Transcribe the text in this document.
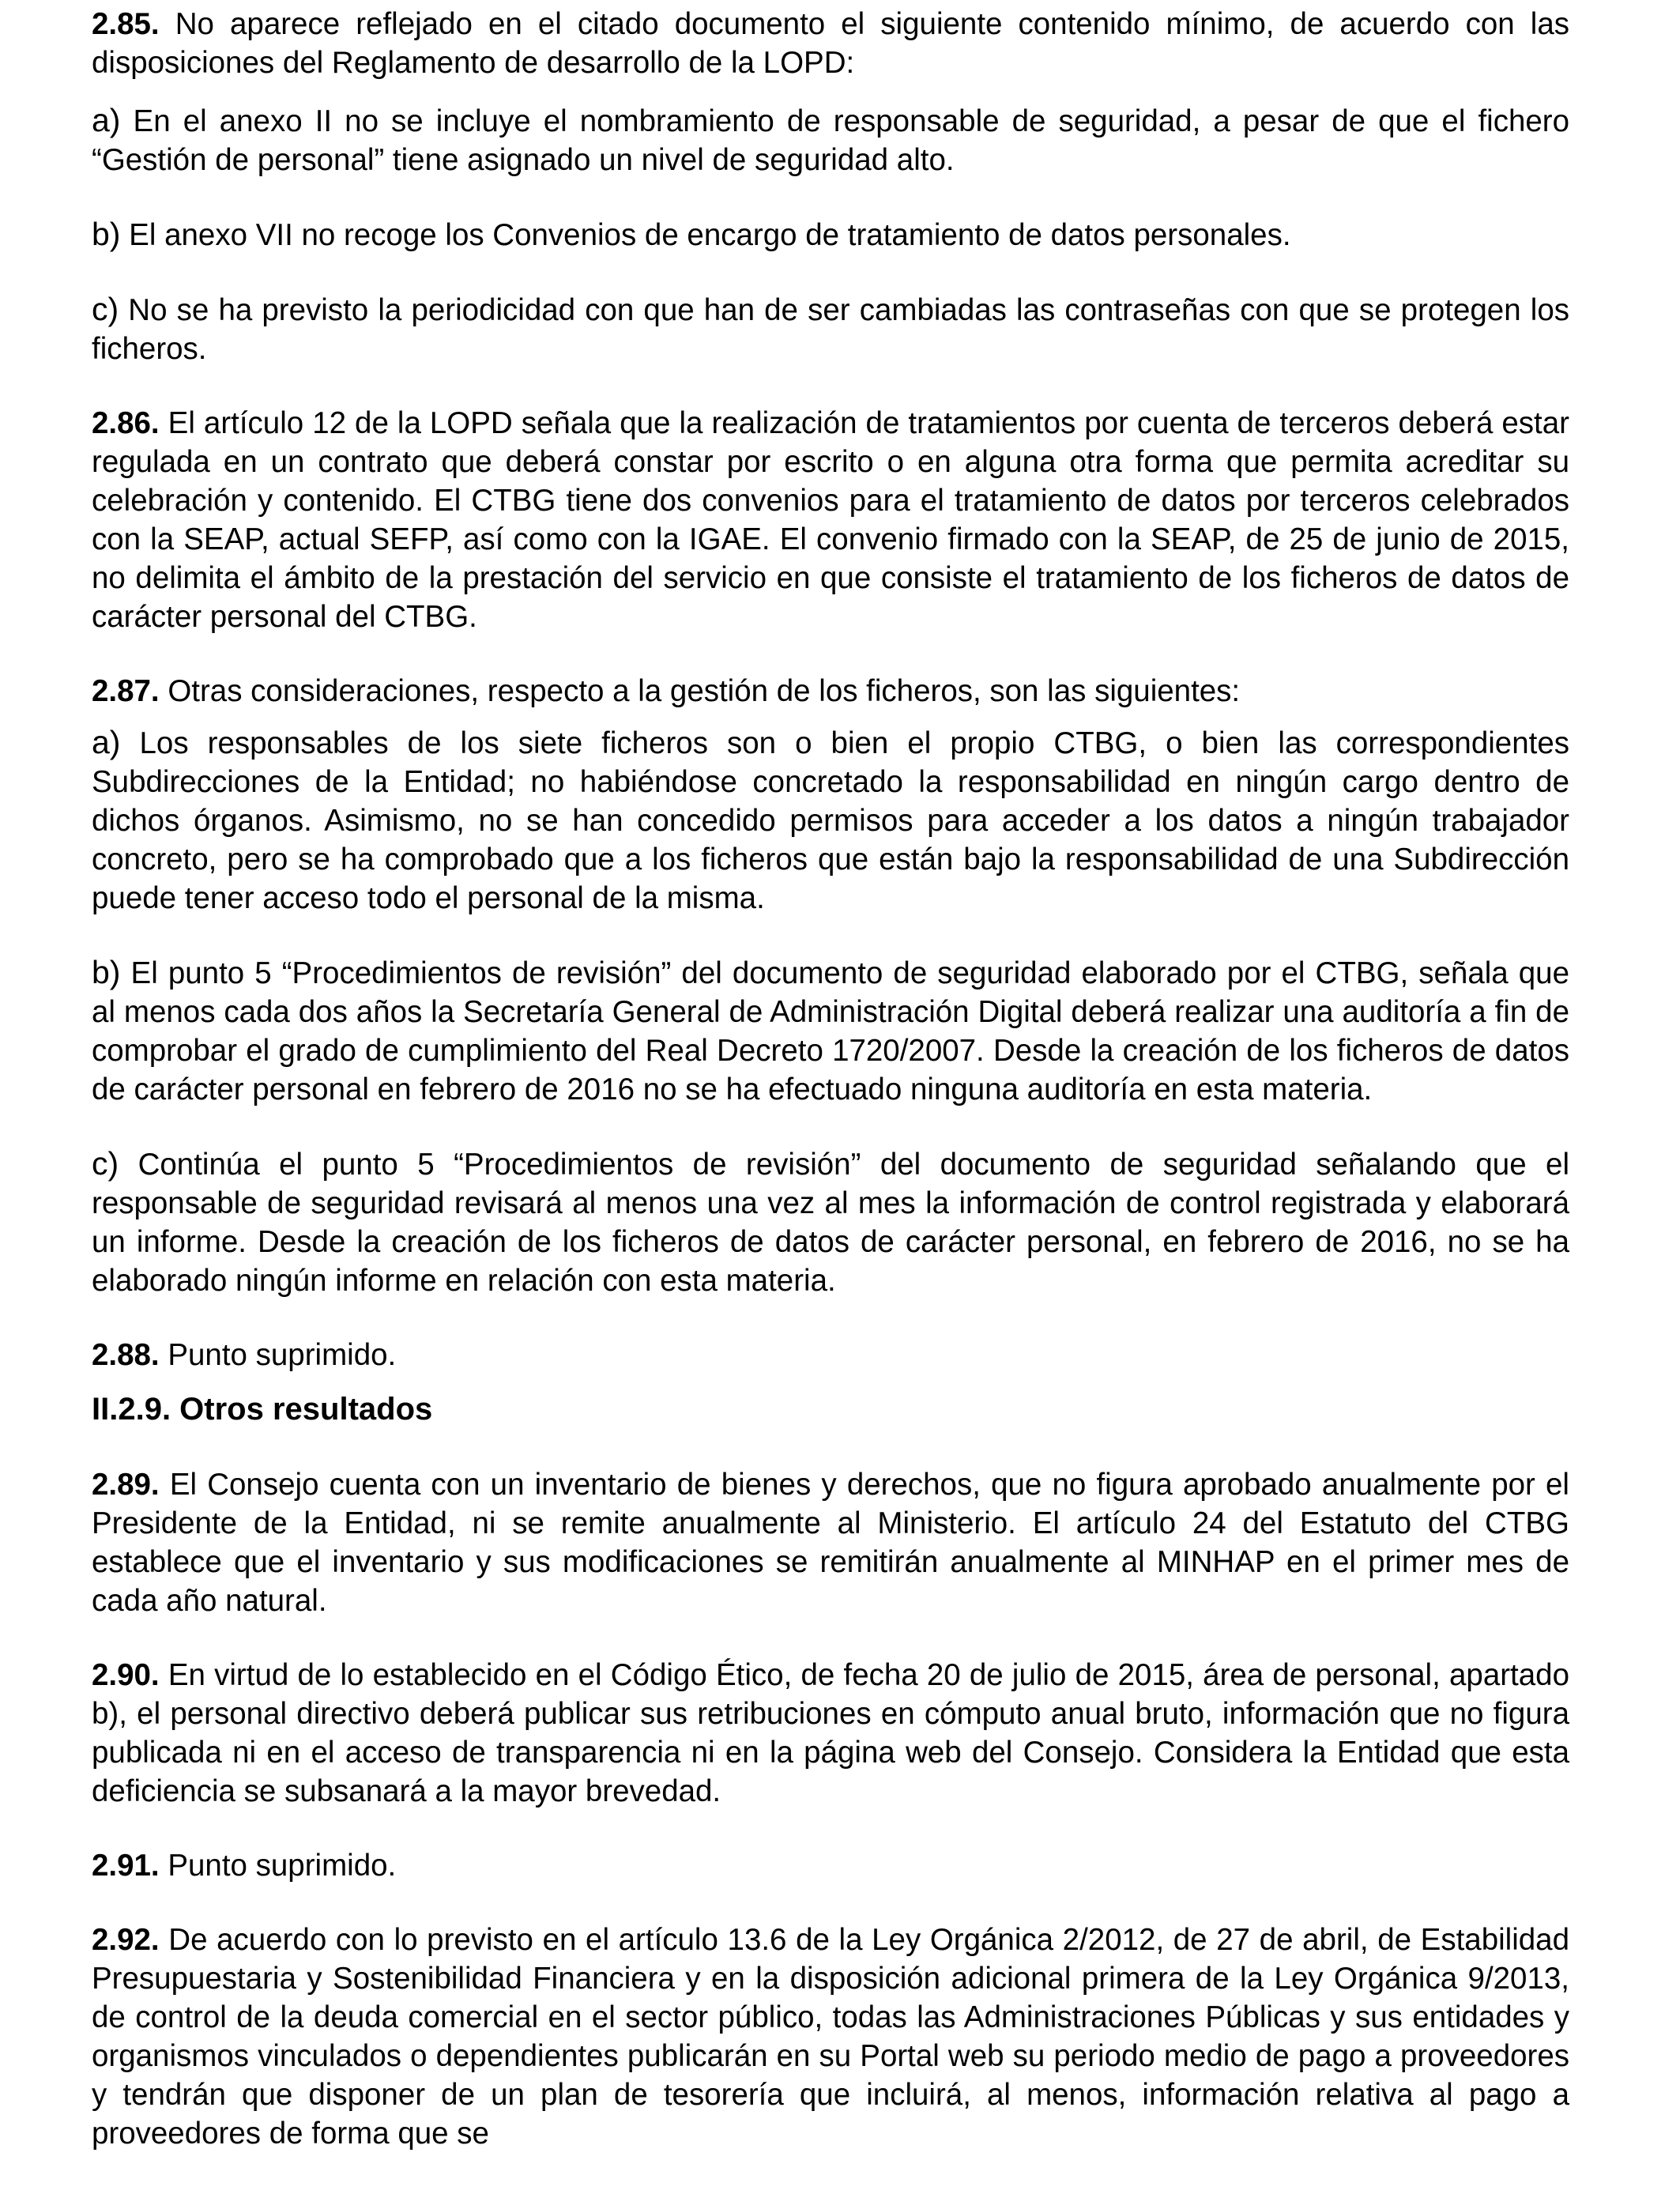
2.85. No aparece reflejado en el citado documento el siguiente contenido mínimo, de acuerdo con las disposiciones del Reglamento de desarrollo de la LOPD:

a) En el anexo II no se incluye el nombramiento de responsable de seguridad, a pesar de que el fichero “Gestión de personal” tiene asignado un nivel de seguridad alto.

b) El anexo VII no recoge los Convenios de encargo de tratamiento de datos personales.

c) No se ha previsto la periodicidad con que han de ser cambiadas las contraseñas con que se protegen los ficheros.

2.86. El artículo 12 de la LOPD señala que la realización de tratamientos por cuenta de terceros deberá estar regulada en un contrato que deberá constar por escrito o en alguna otra forma que permita acreditar su celebración y contenido. El CTBG tiene dos convenios para el tratamiento de datos por terceros celebrados con la SEAP, actual SEFP, así como con la IGAE. El convenio firmado con la SEAP, de 25 de junio de 2015, no delimita el ámbito de la prestación del servicio en que consiste el tratamiento de los ficheros de datos de carácter personal del CTBG.

2.87. Otras consideraciones, respecto a la gestión de los ficheros, son las siguientes:

a) Los responsables de los siete ficheros son o bien el propio CTBG, o bien las correspondientes Subdirecciones de la Entidad; no habiéndose concretado la responsabilidad en ningún cargo dentro de dichos órganos. Asimismo, no se han concedido permisos para acceder a los datos a ningún trabajador concreto, pero se ha comprobado que a los ficheros que están bajo la responsabilidad de una Subdirección puede tener acceso todo el personal de la misma.

b) El punto 5 “Procedimientos de revisión” del documento de seguridad elaborado por el CTBG, señala que al menos cada dos años la Secretaría General de Administración Digital deberá realizar una auditoría a fin de comprobar el grado de cumplimiento del Real Decreto 1720/2007. Desde la creación de los ficheros de datos de carácter personal en febrero de 2016 no se ha efectuado ninguna auditoría en esta materia.

c) Continúa el punto 5 “Procedimientos de revisión” del documento de seguridad señalando que el responsable de seguridad revisará al menos una vez al mes la información de control registrada y elaborará un informe. Desde la creación de los ficheros de datos de carácter personal, en febrero de 2016, no se ha elaborado ningún informe en relación con esta materia.

2.88. Punto suprimido.

II.2.9. Otros resultados

2.89. El Consejo cuenta con un inventario de bienes y derechos, que no figura aprobado anualmente por el Presidente de la Entidad, ni se remite anualmente al Ministerio. El artículo 24 del Estatuto del CTBG establece que el inventario y sus modificaciones se remitirán anualmente al MINHAP en el primer mes de cada año natural.

2.90. En virtud de lo establecido en el Código Ético, de fecha 20 de julio de 2015, área de personal, apartado b), el personal directivo deberá publicar sus retribuciones en cómputo anual bruto, información que no figura publicada ni en el acceso de transparencia ni en la página web del Consejo. Considera la Entidad que esta deficiencia se subsanará a la mayor brevedad.

2.91. Punto suprimido.

2.92. De acuerdo con lo previsto en el artículo 13.6 de la Ley Orgánica 2/2012, de 27 de abril, de Estabilidad Presupuestaria y Sostenibilidad Financiera y en la disposición adicional primera de la Ley Orgánica 9/2013, de control de la deuda comercial en el sector público, todas las Administraciones Públicas y sus entidades y organismos vinculados o dependientes publicarán en su Portal web su periodo medio de pago a proveedores y tendrán que disponer de un plan de tesorería que incluirá, al menos, información relativa al pago a proveedores de forma que se
